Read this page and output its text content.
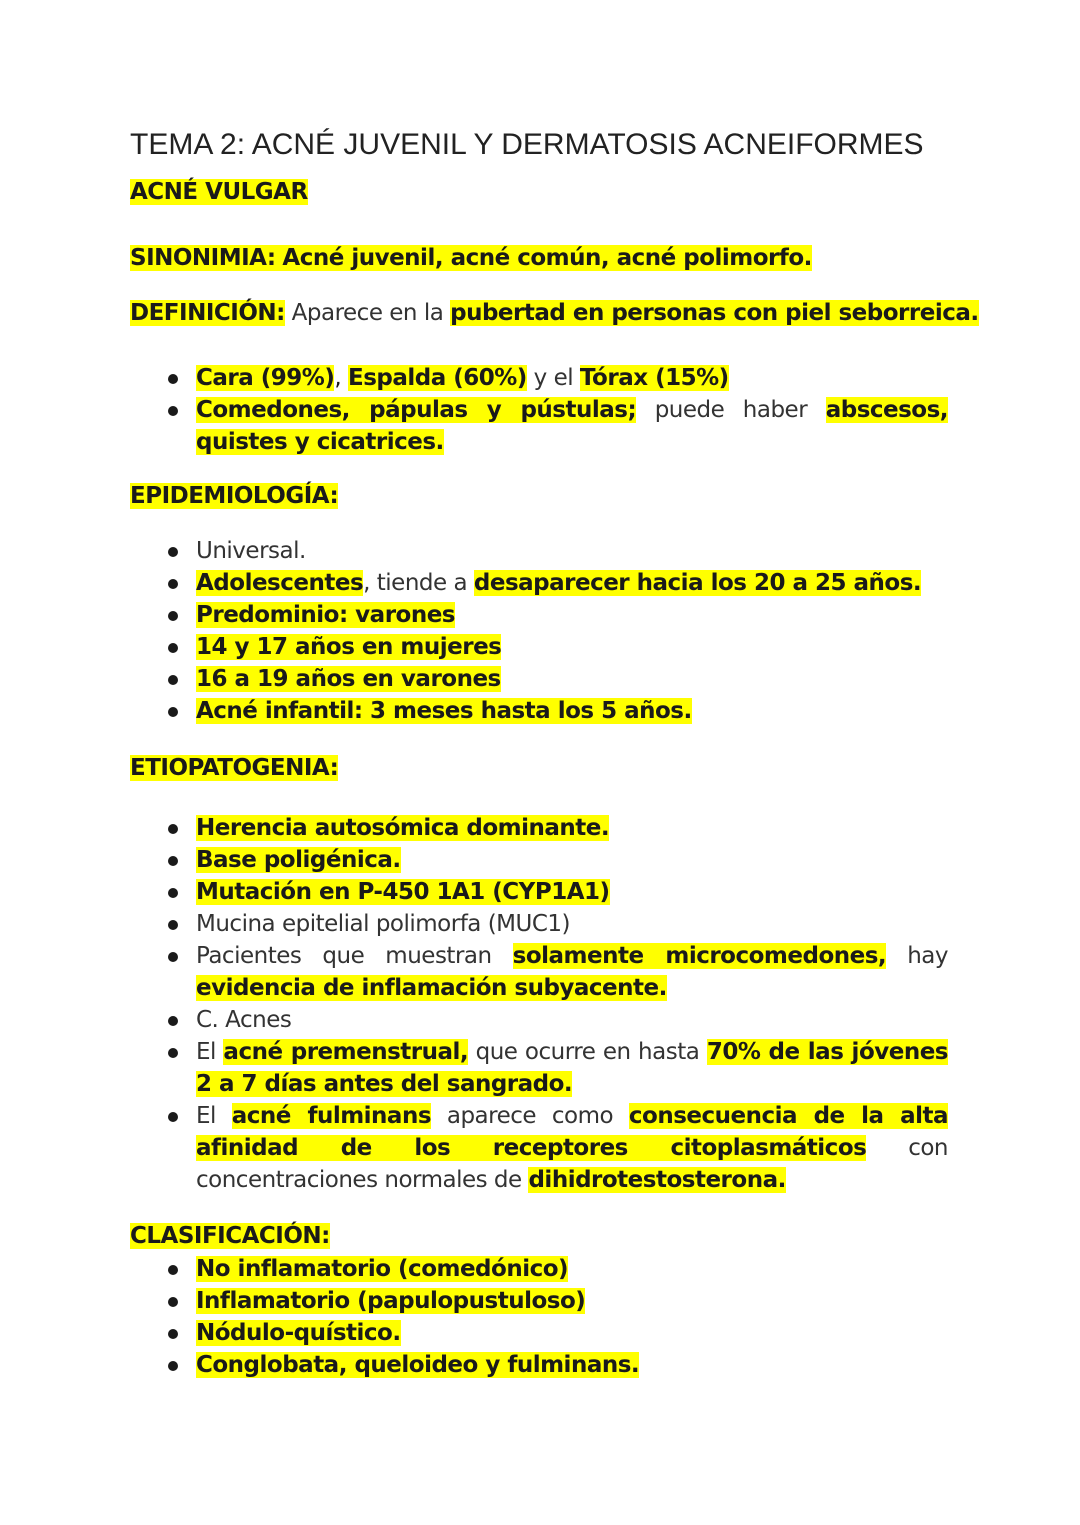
TEMA 2: ACNÉ JUVENIL Y DERMATOSIS ACNEIFORMES
ACNÉ VULGAR
SINONIMIA: Acné juvenil, acné común, acné polimorfo.
DEFINICIÓN: Aparece en la pubertad en personas con piel seborreica.
Cara (99%), Espalda (60%) y el Tórax (15%)
Comedones, pápulas y pústulas; puede haber abscesos, quistes y cicatrices.
EPIDEMIOLOGÍA:
Universal.
Adolescentes, tiende a desaparecer hacia los 20 a 25 años.
Predominio: varones
14 y 17 años en mujeres
16 a 19 años en varones
Acné infantil: 3 meses hasta los 5 años.
ETIOPATOGENIA:
Herencia autosómica dominante.
Base poligénica.
Mutación en P-450 1A1 (CYP1A1)
Mucina epitelial polimorfa (MUC1)
Pacientes que muestran solamente microcomedones, hay evidencia de inflamación subyacente.
C. Acnes
El acné premenstrual, que ocurre en hasta 70% de las jóvenes 2 a 7 días antes del sangrado.
El acné fulminans aparece como consecuencia de la alta afinidad de los receptores citoplasmáticos con concentraciones normales de dihidrotestosterona.
CLASIFICACIÓN:
No inflamatorio (comedónico)
Inflamatorio (papulopustuloso)
Nódulo-quístico.
Conglobata, queloideo y fulminans.
